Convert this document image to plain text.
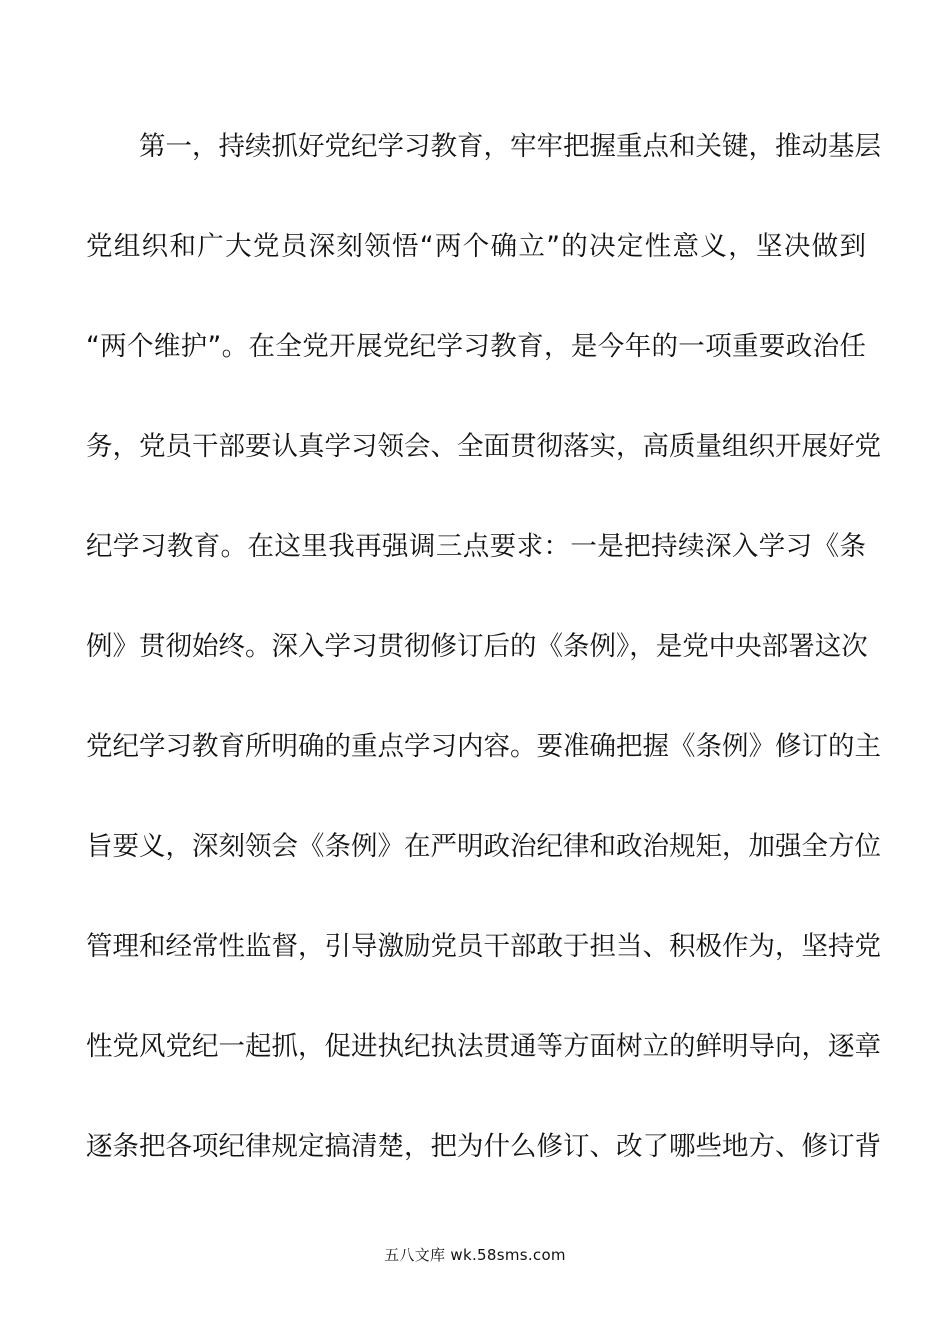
第一，持续抓好党纪学习教育，牢牢把握重点和关键，推动基层
党组织和广大党员深刻领悟“两个确立”的决定性意义，坚决做到
“两个维护”。在全党开展党纪学习教育，是今年的一项重要政治任
务，党员干部要认真学习领会、全面贯彻落实，高质量组织开展好党
纪学习教育。在这里我再强调三点要求：一是把持续深入学习《条
例》贯彻始终。深入学习贯彻修订后的《条例》，是党中央部署这次
党纪学习教育所明确的重点学习内容。要准确把握《条例》修订的主
旨要义，深刻领会《条例》在严明政治纪律和政治规矩，加强全方位
管理和经常性监督，引导激励党员干部敢于担当、积极作为，坚持党
性党风党纪一起抓，促进执纪执法贯通等方面树立的鲜明导向，逐章
逐条把各项纪律规定搞清楚，把为什么修订、改了哪些地方、修订背
五八文库 wk.58sms.com
